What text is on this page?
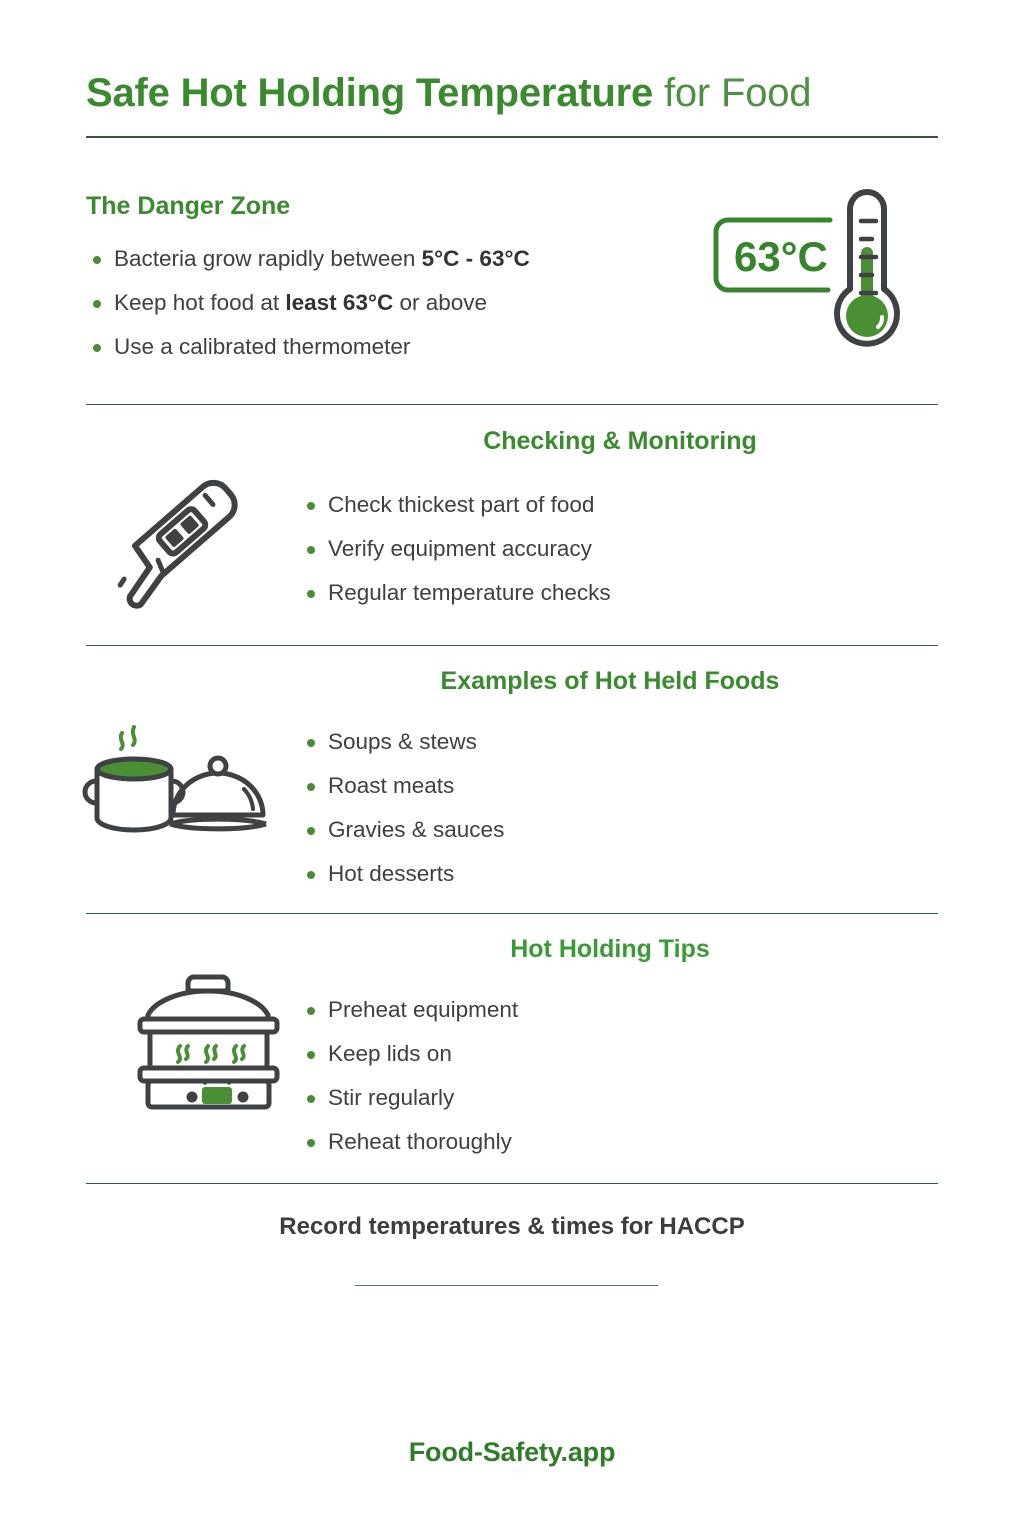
Safe Hot Holding Temperature for Food
The Danger Zone
Bacteria grow rapidly between 5°C - 63°C
Keep hot food at least 63°C or above
Use a calibrated thermometer
63°C
Checking & Monitoring
Check thickest part of food
Verify equipment accuracy
Regular temperature checks
Examples of Hot Held Foods
Soups & stews
Roast meats
Gravies & sauces
Hot desserts
Hot Holding Tips
Preheat equipment
Keep lids on
Stir regularly
Reheat thoroughly
Record temperatures & times for HACCP
Food-Safety.app
